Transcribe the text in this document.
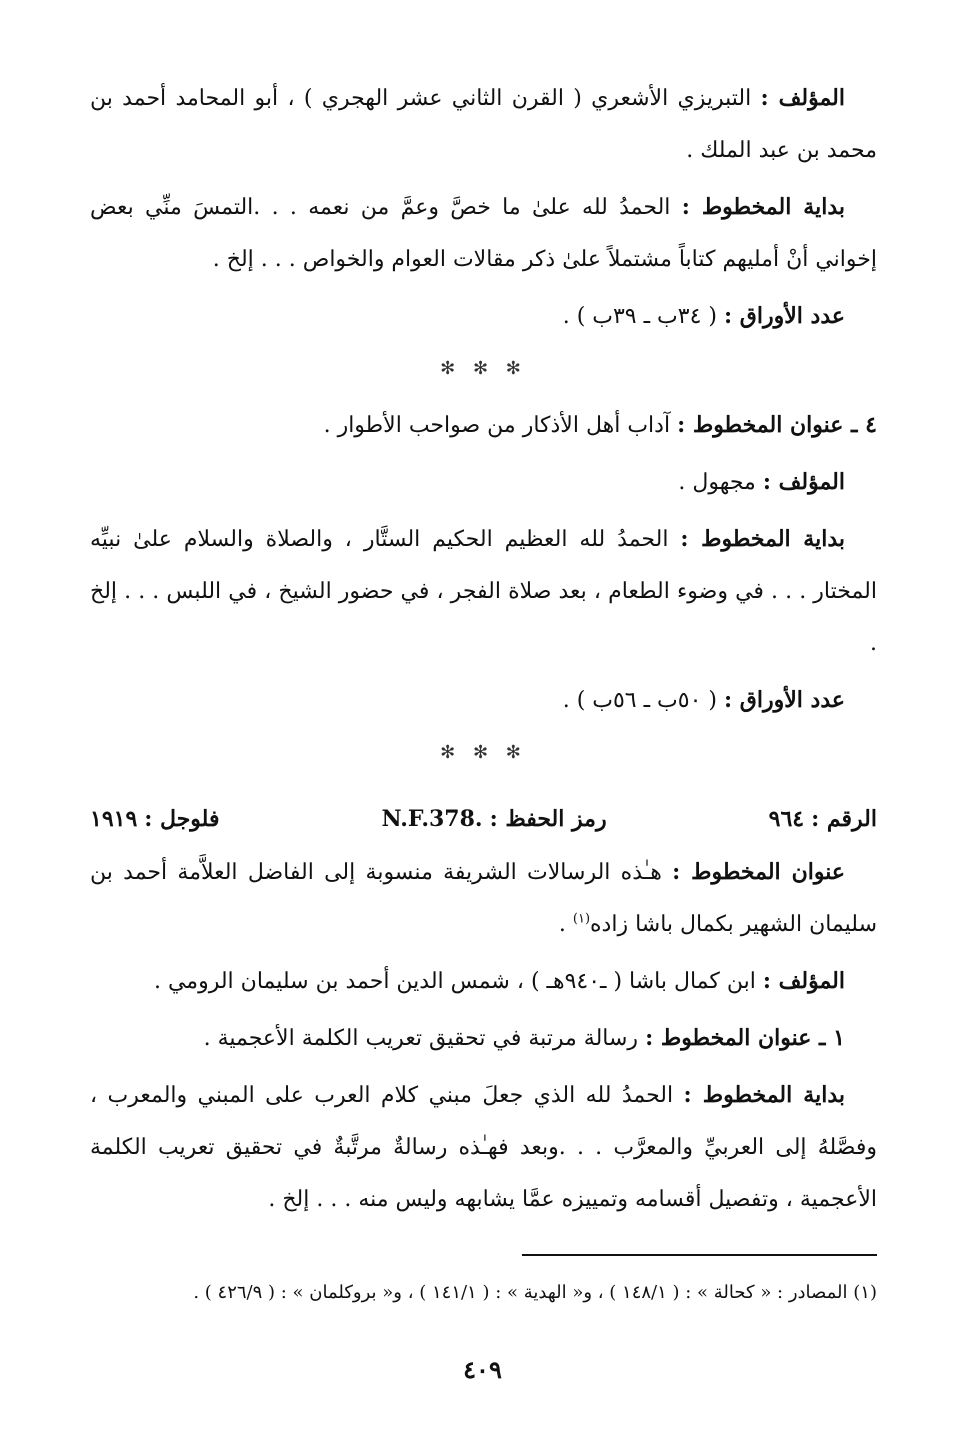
المؤلف : التبريزي الأشعري ( القرن الثاني عشر الهجري ) ، أبو المحامد أحمد بن محمد بن عبد الملك .

بداية المخطوط : الحمدُ لله علىٰ ما خصَّ وعمَّ من نعمه . . .التمسَ منِّي بعض إخواني أنْ أمليهم كتاباً مشتملاً علىٰ ذكر مقالات العوام والخواص . . . إلخ .

عدد الأوراق : ( ٣٤ب ـ ٣٩ب ) .

✻ ✻ ✻

٤ ـ عنوان المخطوط : آداب أهل الأذكار من صواحب الأطوار .

المؤلف : مجهول .

بداية المخطوط : الحمدُ لله العظيم الحكيم الستَّار ، والصلاة والسلام علىٰ نبيِّه المختار . . . في وضوء الطعام ، بعد صلاة الفجر ، في حضور الشيخ ، في اللبس . . . إلخ .

عدد الأوراق : ( ٥٠ب ـ ٥٦ب ) .

✻ ✻ ✻
الرقم : ٩٦٤
رمز الحفظ : N.F.378.
فلوجل : ١٩١٩

عنوان المخطوط : هـٰذه الرسالات الشريفة منسوبة إلى الفاضل العلاَّمة أحمد بن سليمان الشهير بكمال باشا زاده$^{(١)}$ .

المؤلف : ابن كمال باشا ( ـ٩٤٠هـ ) ، شمس الدين أحمد بن سليمان الرومي .

١ ـ عنوان المخطوط : رسالة مرتبة في تحقيق تعريب الكلمة الأعجمية .

بداية المخطوط : الحمدُ لله الذي جعلَ مبني كلام العرب على المبني والمعرب ، وفصَّلهُ إلى العربيِّ والمعرَّب . . .وبعد فهـٰذه رسالةٌ مرتَّبةٌ في تحقيق تعريب الكلمة الأعجمية ، وتفصيل أقسامه وتمييزه عمَّا يشابهه وليس منه . . . إلخ .

(١) المصادر : « كحالة » : ( ١٤٨/١ ) ، و« الهدية » : ( ١٤١/١ ) ، و« بروكلمان » : ( ٤٢٦/٩ ) .

٤٠٩
